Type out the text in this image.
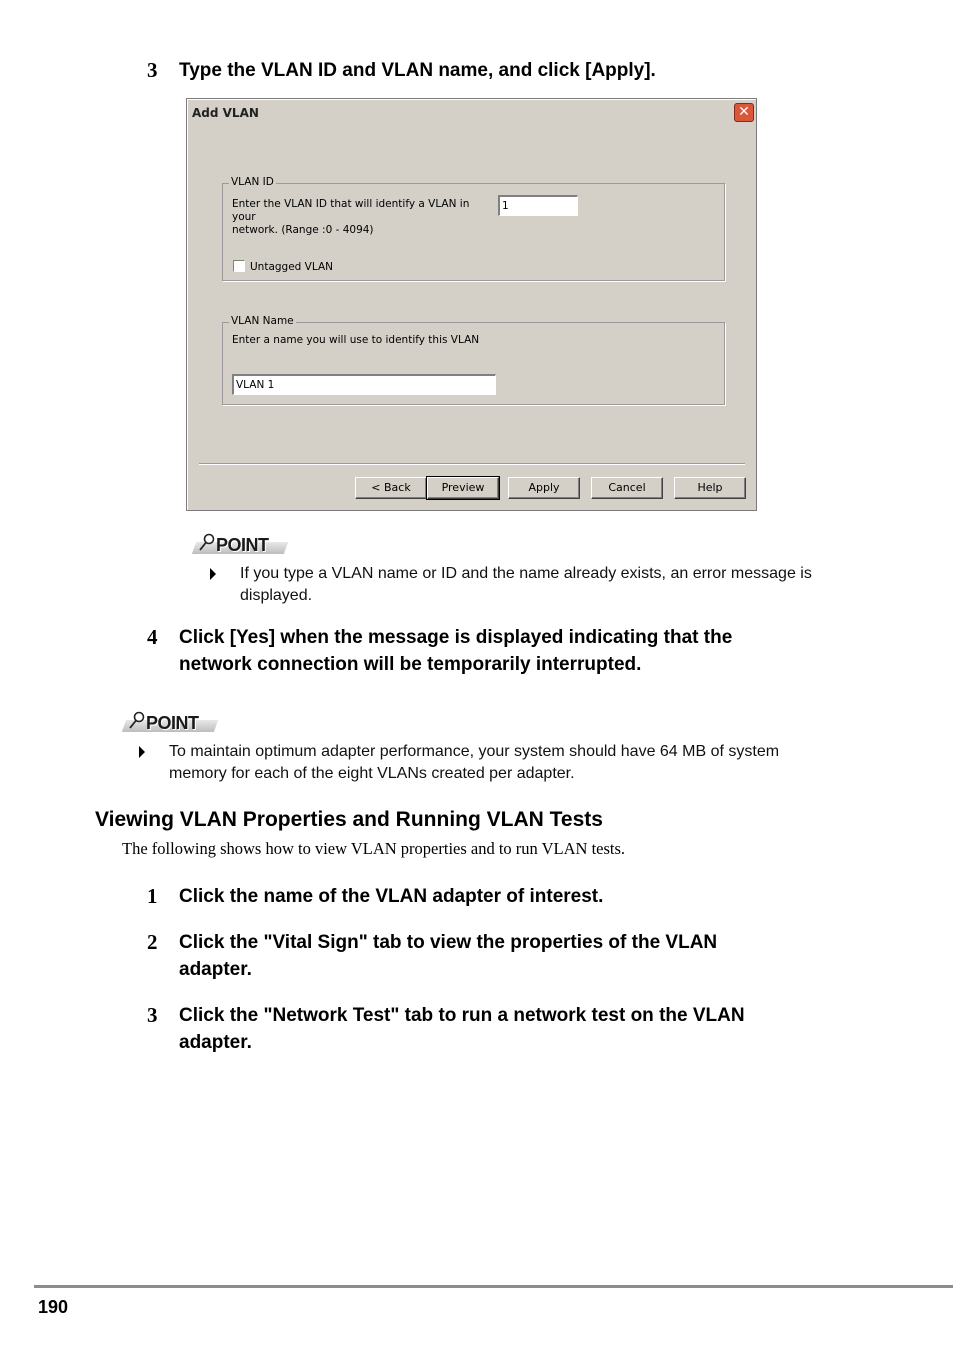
3 Type the VLAN ID and VLAN name, and click [Apply].
Add VLAN	✕
VLAN ID
Enter the VLAN ID that will identify a VLAN in your
network. (Range :0 - 4094)
1
Untagged VLAN
VLAN Name
Enter a name you will use to identify this VLAN
VLAN 1
< Back	Preview	Apply	Cancel	Help
POINT
If you type a VLAN name or ID and the name already exists, an error message is
displayed.
4 Click [Yes] when the message is displayed indicating that the
network connection will be temporarily interrupted.
POINT
To maintain optimum adapter performance, your system should have 64 MB of system
memory for each of the eight VLANs created per adapter.
Viewing VLAN Properties and Running VLAN Tests
The following shows how to view VLAN properties and to run VLAN tests.
1 Click the name of the VLAN adapter of interest.
2 Click the "Vital Sign" tab to view the properties of the VLAN
adapter.
3 Click the "Network Test" tab to run a network test on the VLAN
adapter.
190
